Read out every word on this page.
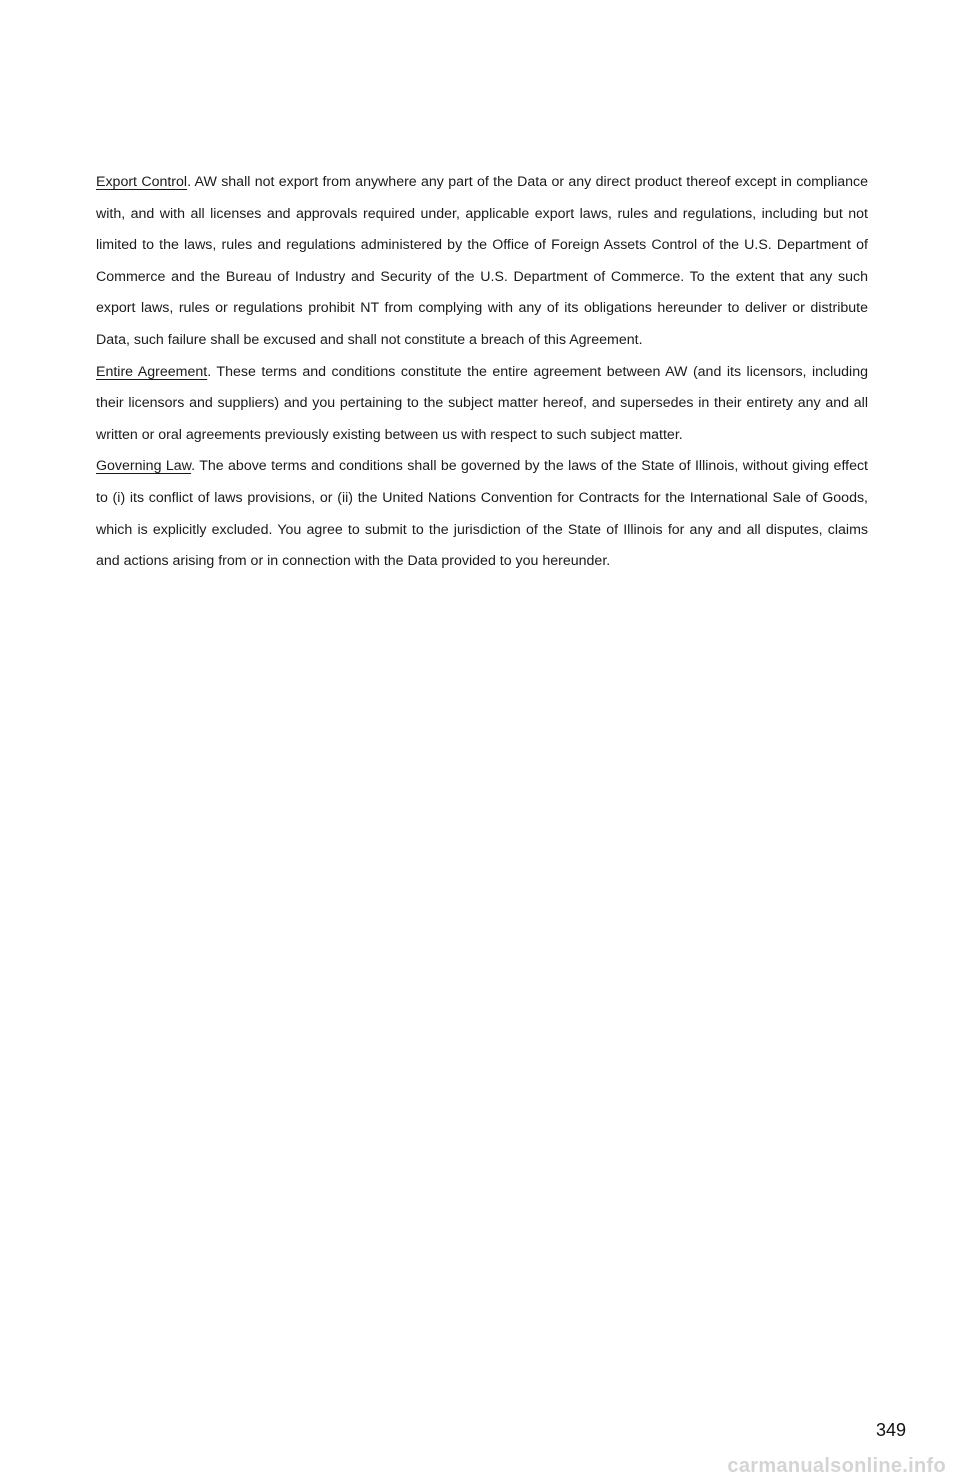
Export Control. AW shall not export from anywhere any part of the Data or any direct product thereof except in compliance with, and with all licenses and approvals required under, applicable export laws, rules and regulations, including but not limited to the laws, rules and regulations administered by the Office of Foreign Assets Control of the U.S. Department of Commerce and the Bureau of Industry and Security of the U.S. Department of Commerce. To the extent that any such export laws, rules or regulations prohibit NT from complying with any of its obligations hereunder to deliver or distribute Data, such failure shall be excused and shall not constitute a breach of this Agreement.

Entire Agreement. These terms and conditions constitute the entire agreement between AW (and its licensors, including their licensors and suppliers) and you pertaining to the subject matter hereof, and supersedes in their entirety any and all written or oral agreements previously existing between us with respect to such subject matter.

Governing Law. The above terms and conditions shall be governed by the laws of the State of Illinois, without giving effect to (i) its conflict of laws provisions, or (ii) the United Nations Convention for Contracts for the International Sale of Goods, which is explicitly excluded. You agree to submit to the jurisdiction of the State of Illinois for any and all disputes, claims and actions arising from or in connection with the Data provided to you hereunder.

349
carmanualsonline.info
